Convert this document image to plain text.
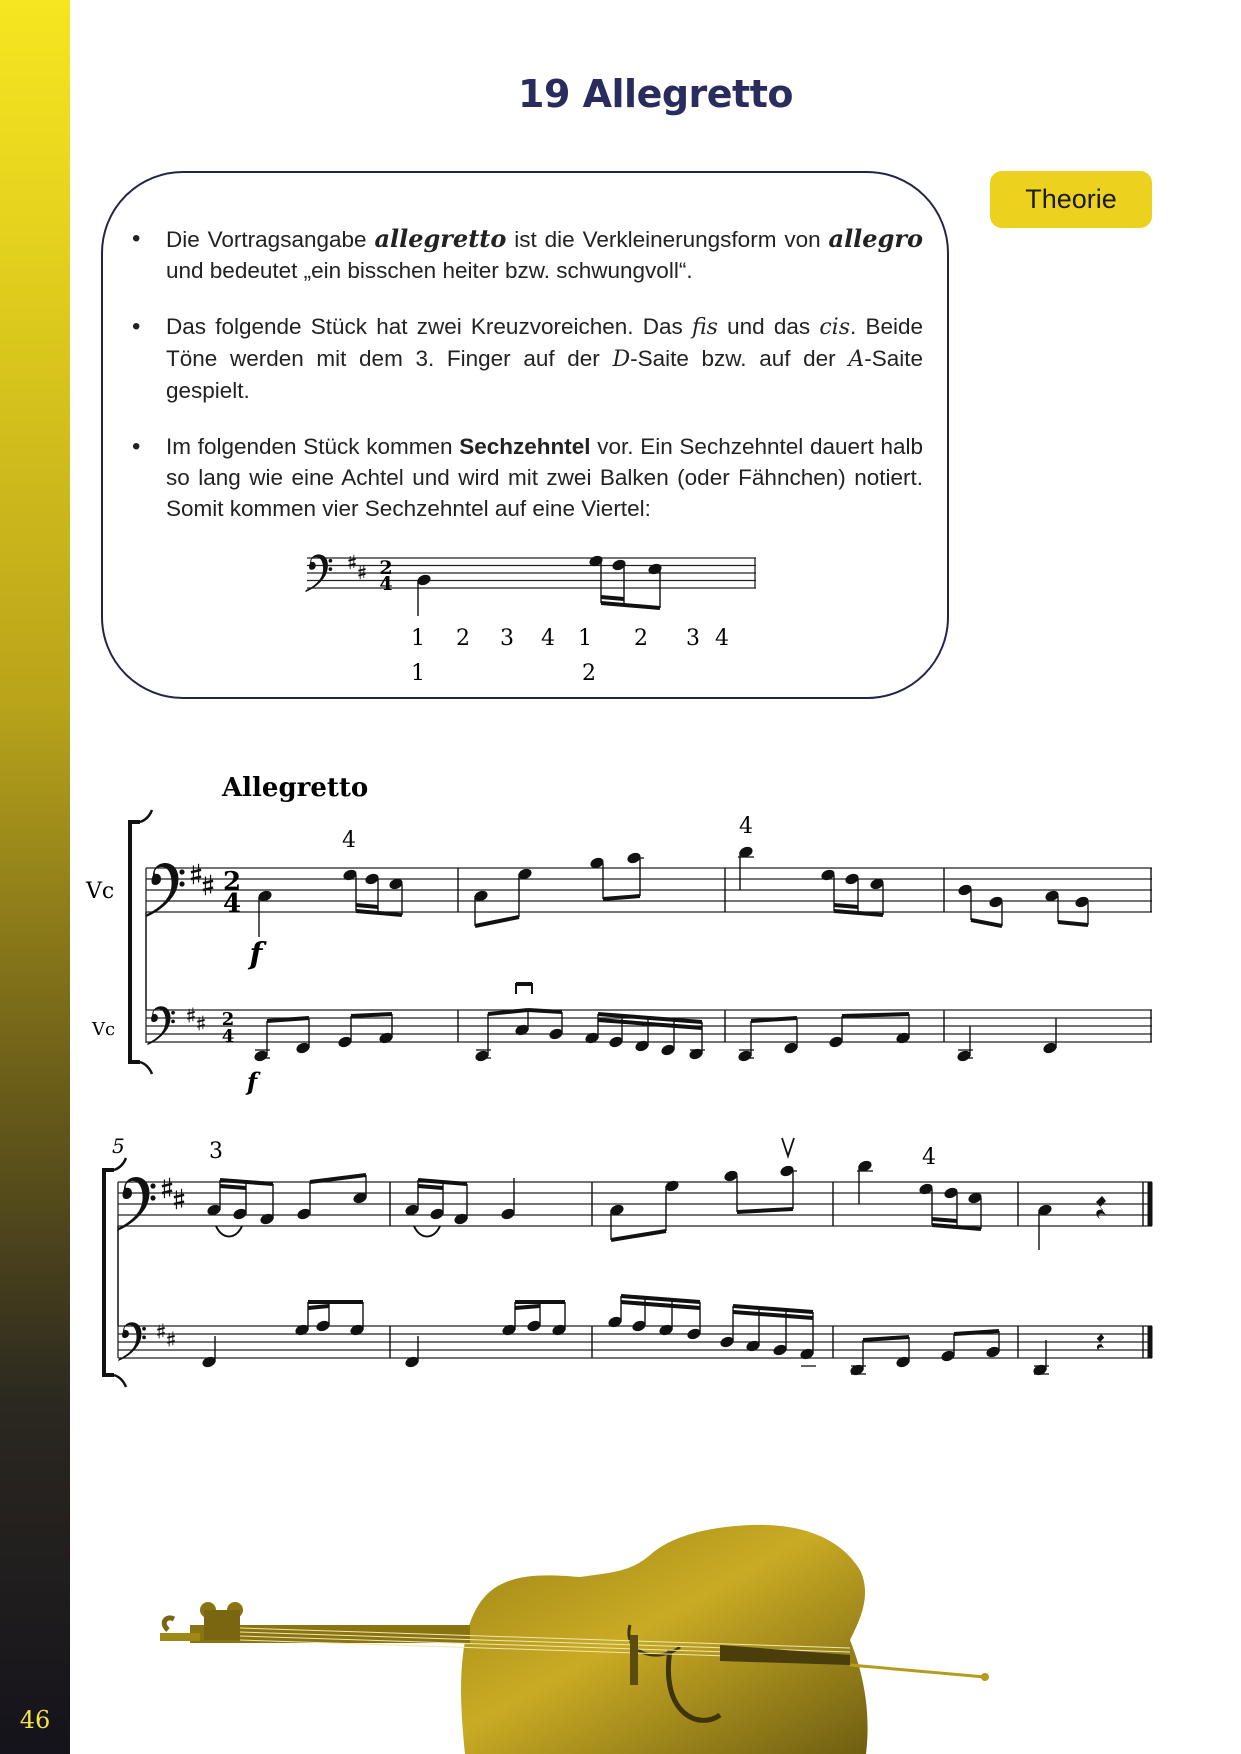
46
19 Allegretto
Theorie
• Die Vortragsangabe allegretto ist die Verkleinerungsform von allegro und bedeutet „ein bisschen heiter bzw. schwungvoll“.
• Das folgende Stück hat zwei Kreuzvoreichen. Das fis und das cis. Beide Töne werden mit dem 3. Finger auf der D-Saite bzw. auf der A-Saite gespielt.
• Im folgenden Stück kommen Sechzehntel vor. Ein Sechzehntel dauert halb so lang wie eine Achtel und wird mit zwei Balken (oder Fähnchen) notiert. Somit kommen vier Sechzehntel auf eine Viertel:
2
4
1 2 3 4 1 2 3 4
1	2
Allegretto
Vc
Vc
2
4
4
f
4
2
4
f
5	3	4
